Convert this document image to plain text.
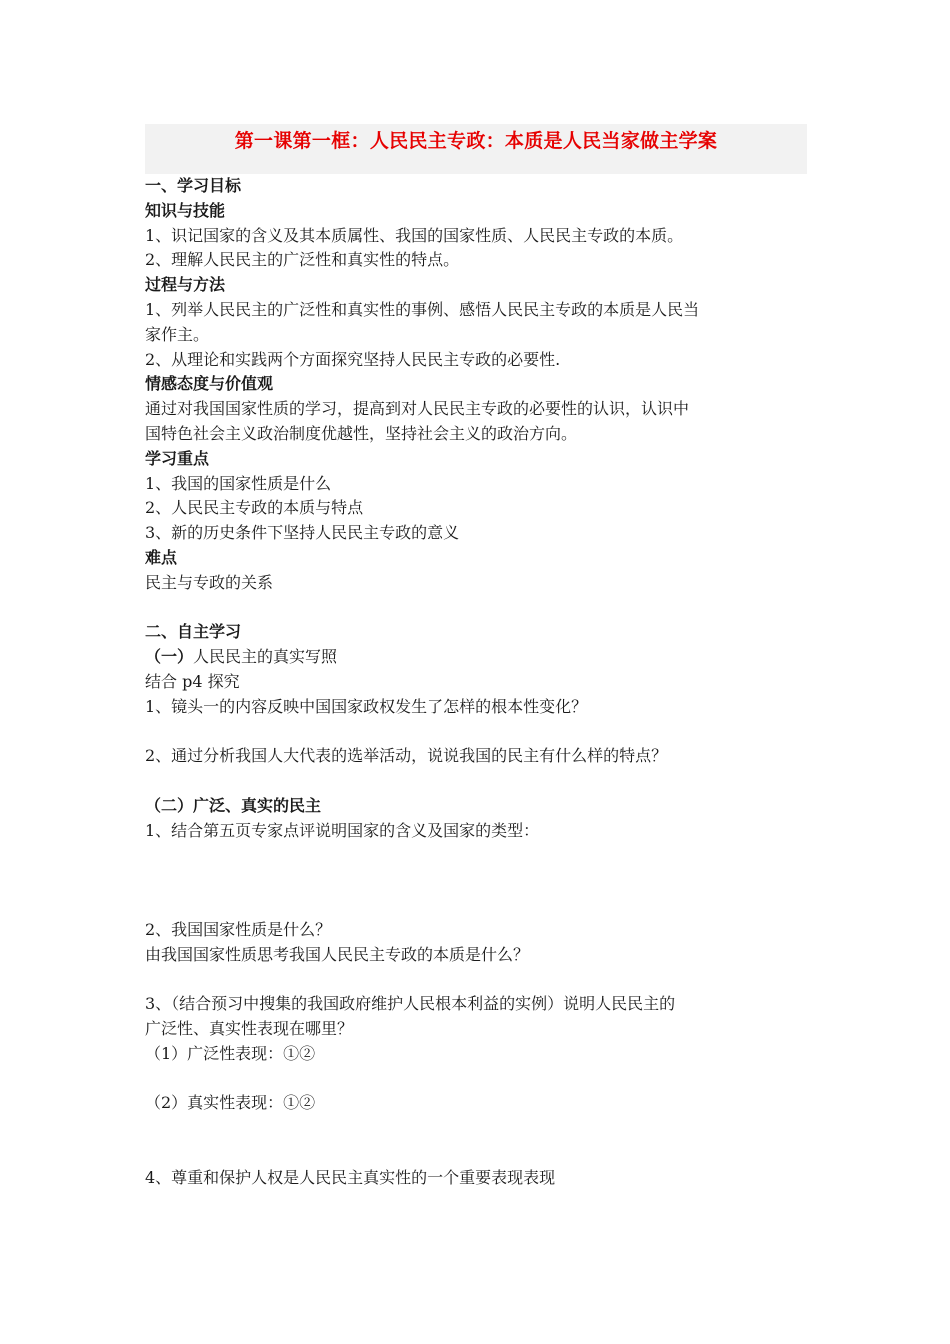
第一课第一框：人民民主专政：本质是人民当家做主学案
一、学习目标
知识与技能
1、识记国家的含义及其本质属性、我国的国家性质、人民民主专政的本质。
2、理解人民民主的广泛性和真实性的特点。
过程与方法
1、列举人民民主的广泛性和真实性的事例、感悟人民民主专政的本质是人民当
家作主。
2、从理论和实践两个方面探究坚持人民民主专政的必要性.
情感态度与价值观
通过对我国国家性质的学习，提高到对人民民主专政的必要性的认识，认识中
国特色社会主义政治制度优越性，坚持社会主义的政治方向。
学习重点
1、我国的国家性质是什么
2、人民民主专政的本质与特点
3、新的历史条件下坚持人民民主专政的意义
难点
民主与专政的关系
二、自主学习
（一）人民民主的真实写照
结合 p4 探究
1、镜头一的内容反映中国国家政权发生了怎样的根本性变化？
2、通过分析我国人大代表的选举活动，说说我国的民主有什么样的特点？
（二）广泛、真实的民主
1、结合第五页专家点评说明国家的含义及国家的类型：
2、我国国家性质是什么？
由我国国家性质思考我国人民民主专政的本质是什么？
3、（结合预习中搜集的我国政府维护人民根本利益的实例）说明人民民主的
广泛性、真实性表现在哪里？
（1）广泛性表现：①②
（2）真实性表现：①②
4、尊重和保护人权是人民民主真实性的一个重要表现表现
